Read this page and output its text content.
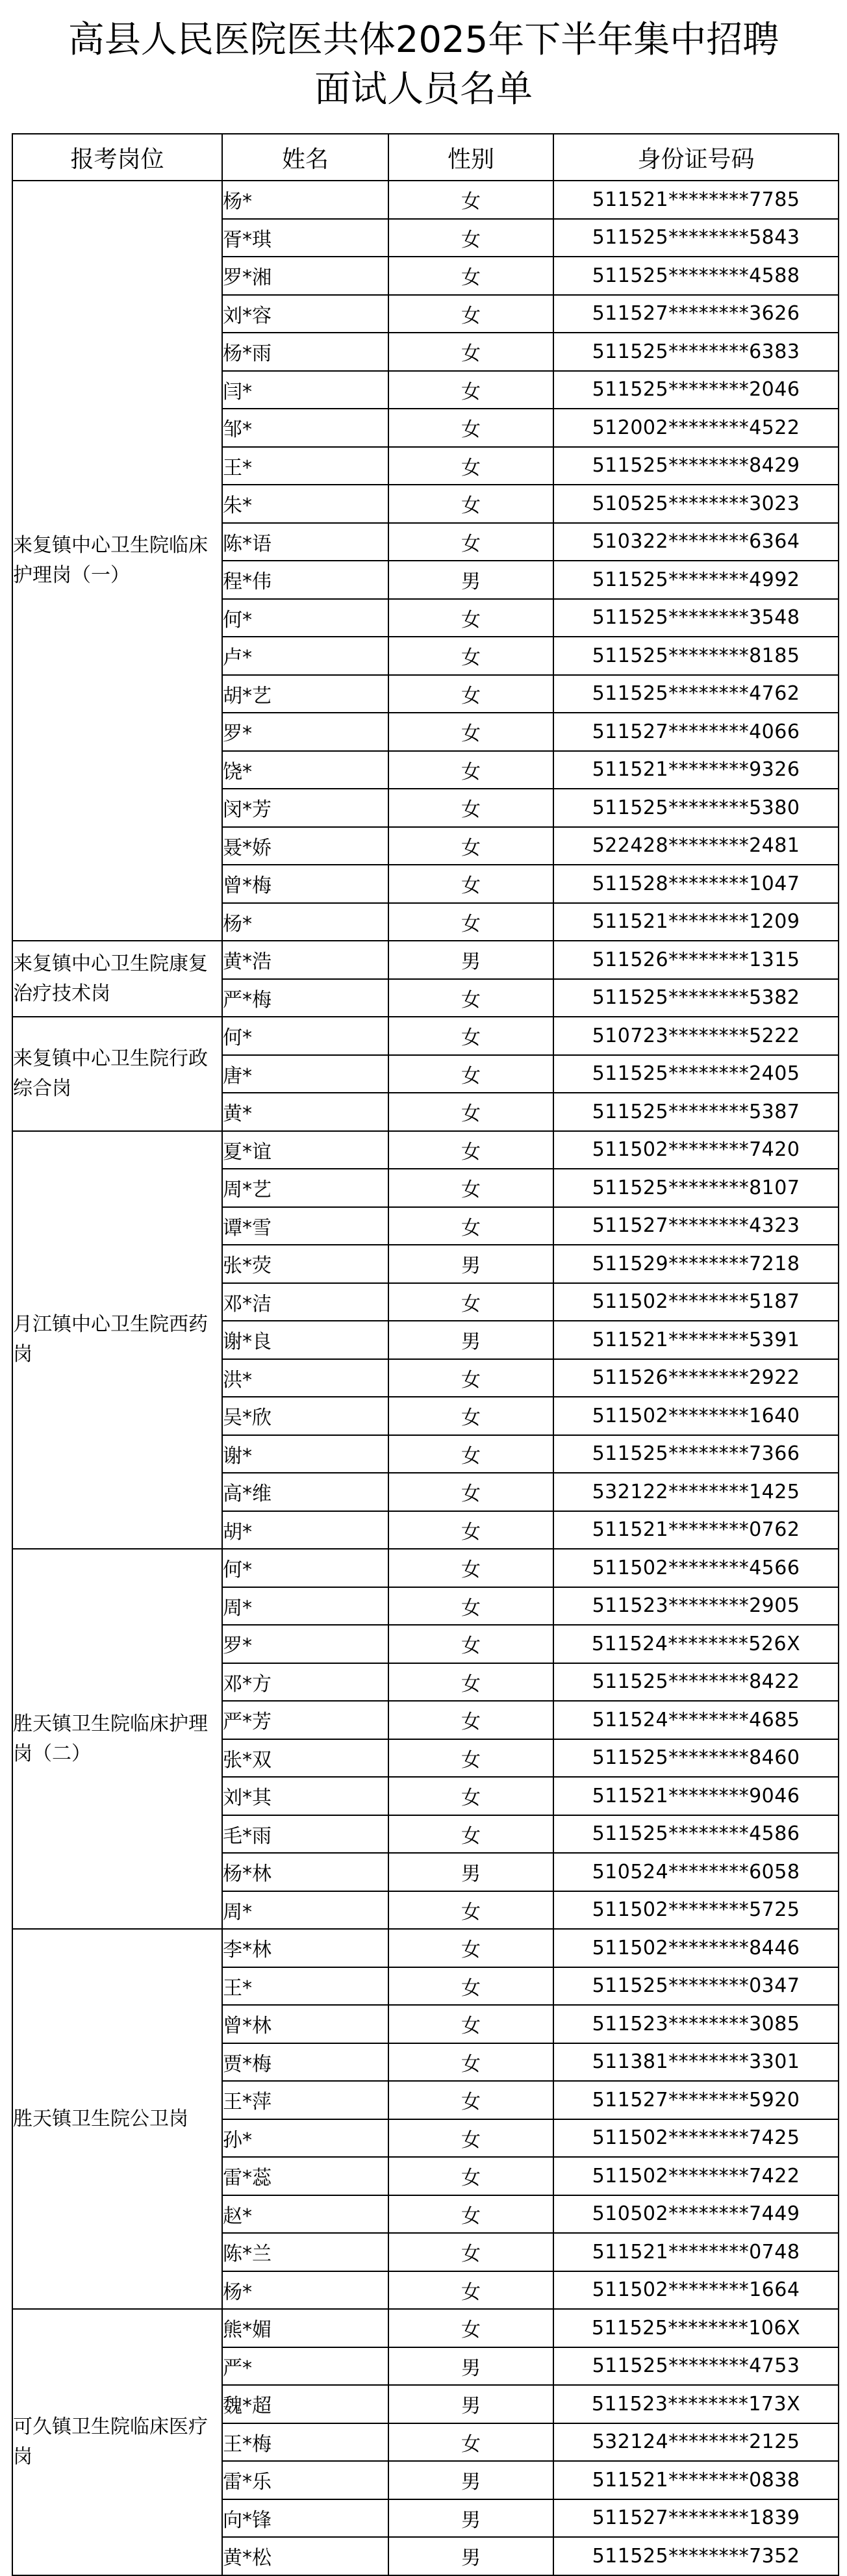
高县人民医院医共体2025年下半年集中招聘
面试人员名单
报考岗位	姓名	性别	身份证号码
来复镇中心卫生院临床护理岗（一）	杨*	女	511521********7785
	胥*琪	女	511525********5843
	罗*湘	女	511525********4588
	刘*容	女	511527********3626
	杨*雨	女	511525********6383
	闫*	女	511525********2046
	邹*	女	512002********4522
	王*	女	511525********8429
	朱*	女	510525********3023
	陈*语	女	510322********6364
	程*伟	男	511525********4992
	何*	女	511525********3548
	卢*	女	511525********8185
	胡*艺	女	511525********4762
	罗*	女	511527********4066
	饶*	女	511521********9326
	闵*芳	女	511525********5380
	聂*娇	女	522428********2481
	曾*梅	女	511528********1047
	杨*	女	511521********1209
来复镇中心卫生院康复治疗技术岗	黄*浩	男	511526********1315
	严*梅	女	511525********5382
来复镇中心卫生院行政综合岗	何*	女	510723********5222
	唐*	女	511525********2405
	黄*	女	511525********5387
月江镇中心卫生院西药岗	夏*谊	女	511502********7420
	周*艺	女	511525********8107
	谭*雪	女	511527********4323
	张*荧	男	511529********7218
	邓*洁	女	511502********5187
	谢*良	男	511521********5391
	洪*	女	511526********2922
	吴*欣	女	511502********1640
	谢*	女	511525********7366
	高*维	女	532122********1425
	胡*	女	511521********0762
胜天镇卫生院临床护理岗（二）	何*	女	511502********4566
	周*	女	511523********2905
	罗*	女	511524********526X
	邓*方	女	511525********8422
	严*芳	女	511524********4685
	张*双	女	511525********8460
	刘*其	女	511521********9046
	毛*雨	女	511525********4586
	杨*林	男	510524********6058
	周*	女	511502********5725
胜天镇卫生院公卫岗	李*林	女	511502********8446
	王*	女	511525********0347
	曾*林	女	511523********3085
	贾*梅	女	511381********3301
	王*萍	女	511527********5920
	孙*	女	511502********7425
	雷*蕊	女	511502********7422
	赵*	女	510502********7449
	陈*兰	女	511521********0748
	杨*	女	511502********1664
可久镇卫生院临床医疗岗	熊*媚	女	511525********106X
	严*	男	511525********4753
	魏*超	男	511523********173X
	王*梅	女	532124********2125
	雷*乐	男	511521********0838
	向*锋	男	511527********1839
	黄*松	男	511525********7352
